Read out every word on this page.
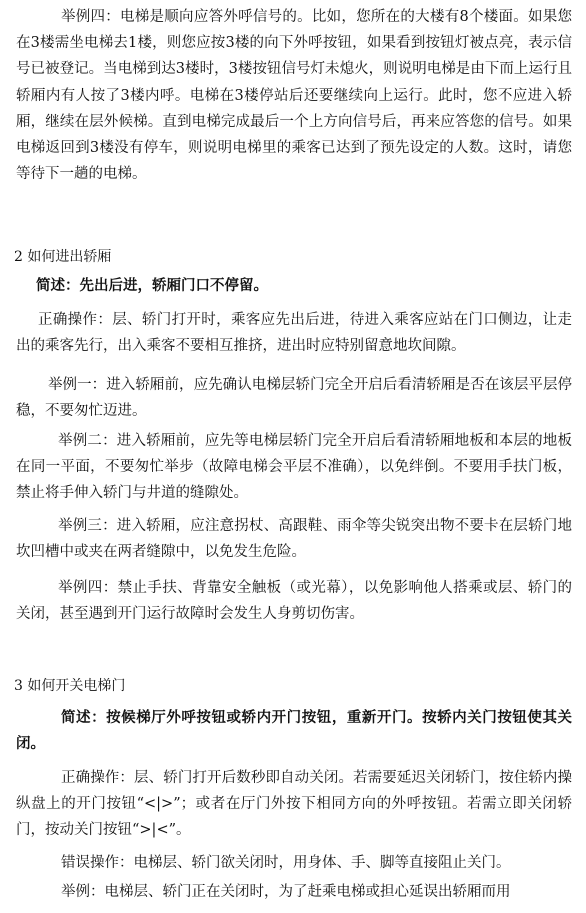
举例四：电梯是顺向应答外呼信号的。比如，您所在的大楼有8个楼面。如果您在3楼需坐电梯去1楼，则您应按3楼的向下外呼按钮，如果看到按钮灯被点亮，表示信号已被登记。当电梯到达3楼时，3楼按钮信号灯未熄火，则说明电梯是由下而上运行且轿厢内有人按了3楼内呼。电梯在3楼停站后还要继续向上运行。此时，您不应进入轿厢，继续在层外候梯。直到电梯完成最后一个上方向信号后，再来应答您的信号。如果电梯返回到3楼没有停车，则说明电梯里的乘客已达到了预先设定的人数。这时，请您等待下一趟的电梯。

2 如何进出轿厢

简述：先出后进，轿厢门口不停留。

正确操作：层、轿门打开时，乘客应先出后进，待进入乘客应站在门口侧边，让走出的乘客先行，出入乘客不要相互推挤，进出时应特别留意地坎间隙。

举例一：进入轿厢前，应先确认电梯层轿门完全开启后看清轿厢是否在该层平层停稳，不要匆忙迈进。

举例二：进入轿厢前，应先等电梯层轿门完全开启后看清轿厢地板和本层的地板在同一平面，不要匆忙举步（故障电梯会平层不准确），以免绊倒。不要用手扶门板，禁止将手伸入轿门与井道的缝隙处。

举例三：进入轿厢，应注意拐杖、高跟鞋、雨伞等尖锐突出物不要卡在层轿门地坎凹槽中或夹在两者缝隙中，以免发生危险。

举例四：禁止手扶、背靠安全触板（或光幕），以免影响他人搭乘或层、轿门的关闭，甚至遇到开门运行故障时会发生人身剪切伤害。

3 如何开关电梯门

简述：按候梯厅外呼按钮或轿内开门按钮，重新开门。按轿内关门按钮使其关闭。

正确操作：层、轿门打开后数秒即自动关闭。若需要延迟关闭轿门，按住轿内操纵盘上的开门按钮“<|>”；或者在厅门外按下相同方向的外呼按钮。若需立即关闭轿门，按动关门按钮“>|<”。

错误操作：电梯层、轿门欲关闭时，用身体、手、脚等直接阻止关门。

举例：电梯层、轿门正在关闭时，为了赶乘电梯或担心延误出轿厢而用
